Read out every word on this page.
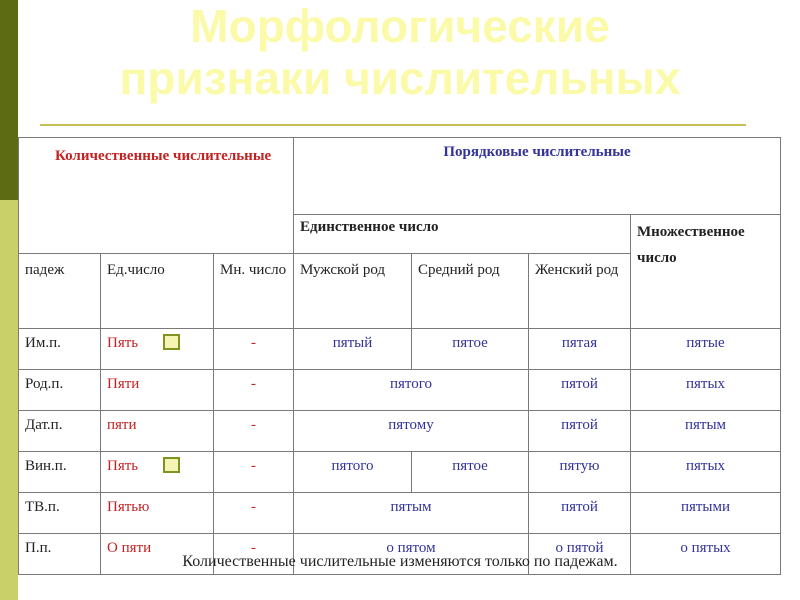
Морфологические
признаки числительных
Количественные числительные			Порядковые числительные			
			Единственное число			Множественное число
падеж	Ед.число	Мн. число	Мужской род	Средний род	Женский род	
Им.п.	Пять	-	пятый	пятое	пятая	пятые
Род.п.	Пяти	-	пятого		пятой	пятых
Дат.п.	пяти	-	пятому		пятой	пятым
Вин.п.	Пять	-	пятого	пятое	пятую	пятых
ТВ.п.	Пятью	-	пятым		пятой	пятыми
П.п.	О пяти	-	о пятом		о пятой	о пятых
Количественные числительные изменяются только по падежам.
